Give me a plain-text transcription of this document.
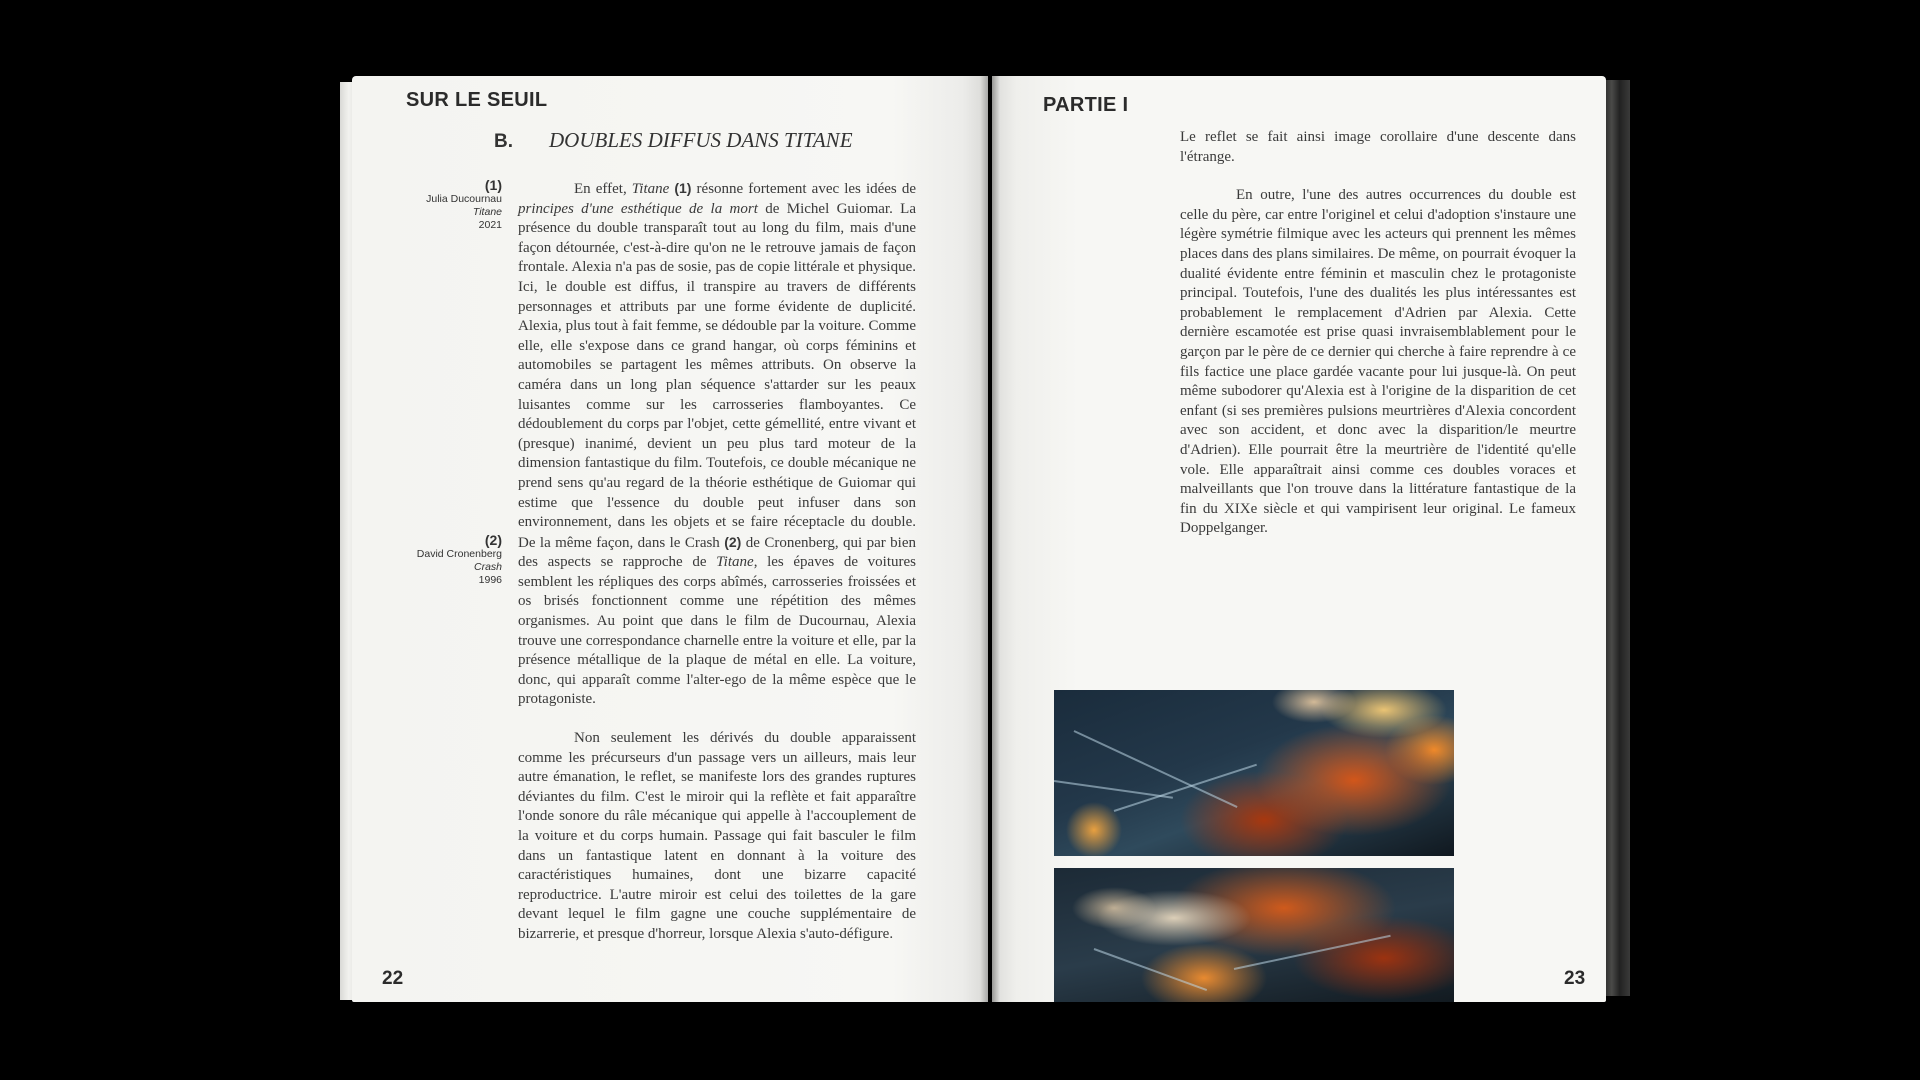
SUR LE SEUIL
B. DOUBLES DIFFUS DANS TITANE
(1)
Julia Ducournau
Titane
2021
(2)
David Cronenberg
Crash
1996

En effet, Titane (1) résonne fortement avec les idées de principes d'une esthétique de la mort de Michel Guiomar. La présence du double transparaît tout au long du film, mais d'une façon détournée, c'est-à-dire qu'on ne le retrouve jamais de façon frontale. Alexia n'a pas de sosie, pas de copie littérale et physique. Ici, le double est diffus, il transpire au travers de différents personnages et attributs par une forme évidente de duplicité. Alexia, plus tout à fait femme, se dédouble par la voiture. Comme elle, elle s'expose dans ce grand hangar, où corps féminins et automobiles se partagent les mêmes attributs. On observe la caméra dans un long plan séquence s'attarder sur les peaux luisantes comme sur les carrosseries flamboyantes. Ce dédoublement du corps par l'objet, cette gémellité, entre vivant et (presque) inanimé, devient un peu plus tard moteur de la dimension fantastique du film. Toutefois, ce double mécanique ne prend sens qu'au regard de la théorie esthétique de Guiomar qui estime que l'essence du double peut infuser dans son environnement, dans les objets et se faire réceptacle du double. De la même façon, dans le Crash (2) de Cronenberg, qui par bien des aspects se rapproche de Titane, les épaves de voitures semblent les répliques des corps abîmés, carrosseries froissées et os brisés fonctionnent comme une répétition des mêmes organismes. Au point que dans le film de Ducournau, Alexia trouve une correspondance charnelle entre la voiture et elle, par la présence métallique de la plaque de métal en elle. La voiture, donc, qui apparaît comme l'alter-ego de la même espèce que le protagoniste.

Non seulement les dérivés du double apparaissent comme les précurseurs d'un passage vers un ailleurs, mais leur autre émanation, le reflet, se manifeste lors des grandes ruptures déviantes du film. C'est le miroir qui la reflète et fait apparaître l'onde sonore du râle mécanique qui appelle à l'accouplement de la voiture et du corps humain. Passage qui fait basculer le film dans un fantastique latent en donnant à la voiture des caractéristiques humaines, dont une bizarre capacité reproductrice. L'autre miroir est celui des toilettes de la gare devant lequel le film gagne une couche supplémentaire de bizarrerie, et presque d'horreur, lorsque Alexia s'auto-défigure.

22
PARTIE I

Le reflet se fait ainsi image corollaire d'une descente dans l'étrange.

En outre, l'une des autres occurrences du double est celle du père, car entre l'originel et celui d'adoption s'instaure une légère symétrie filmique avec les acteurs qui prennent les mêmes places dans des plans similaires. De même, on pourrait évoquer la dualité évidente entre féminin et masculin chez le protagoniste principal. Toutefois, l'une des dualités les plus intéressantes est probablement le remplacement d'Adrien par Alexia. Cette dernière escamotée est prise quasi invraisemblablement pour le garçon par le père de ce dernier qui cherche à faire reprendre à ce fils factice une place gardée vacante pour lui jusque-là. On peut même subodorer qu'Alexia est à l'origine de la disparition de cet enfant (si ses premières pulsions meurtrières d'Alexia concordent avec son accident, et donc avec la disparition/le meurtre d'Adrien). Elle pourrait être la meurtrière de l'identité qu'elle vole. Elle apparaîtrait ainsi comme ces doubles voraces et malveillants que l'on trouve dans la littérature fantastique de la fin du XIXe siècle et qui vampirisent leur original. Le fameux Doppelganger.

23
